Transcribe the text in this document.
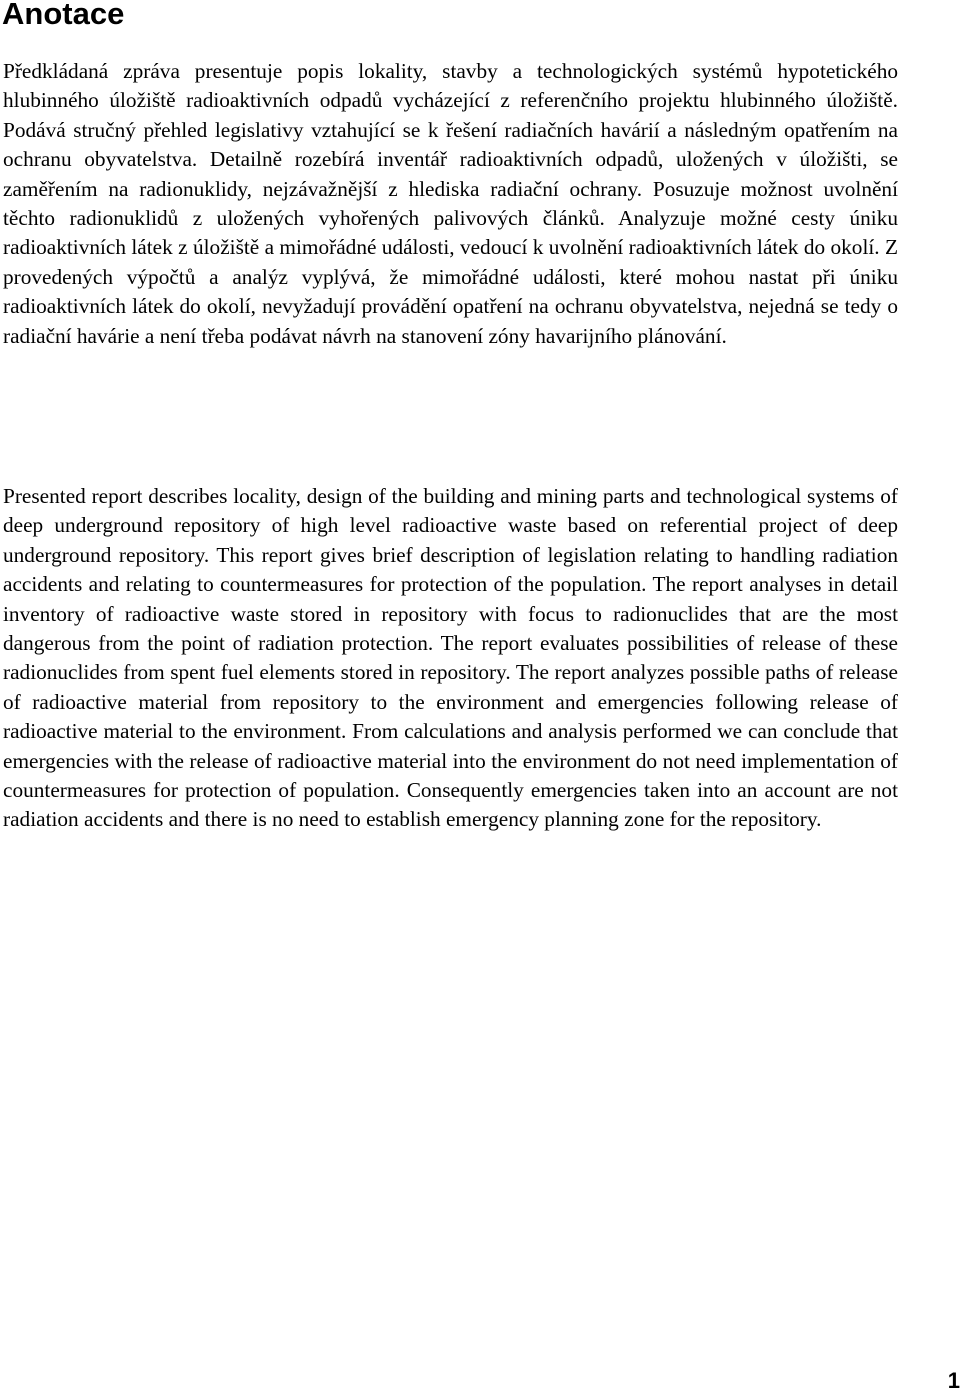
Anotace

Předkládaná zpráva presentuje popis lokality, stavby a technologických systémů hypotetického hlubinného úložiště radioaktivních odpadů vycházející z referenčního projektu hlubinného úložiště. Podává stručný přehled legislativy vztahující se k řešení radiačních havárií a následným opatřením na ochranu obyvatelstva. Detailně rozebírá inventář radioaktivních odpadů, uložených v úložišti, se zaměřením na radionuklidy, nejzávažnější z hlediska radiační ochrany. Posuzuje možnost uvolnění těchto radionuklidů z uložených vyhořených palivových článků. Analyzuje možné cesty úniku radioaktivních látek z úložiště a mimořádné události, vedoucí k uvolnění radioaktivních látek do okolí. Z provedených výpočtů a analýz vyplývá, že mimořádné události, které mohou nastat při úniku radioaktivních látek do okolí, nevyžadují provádění opatření na ochranu obyvatelstva, nejedná se tedy o radiační havárie a není třeba podávat návrh na stanovení zóny havarijního plánování.

Presented report describes locality, design of the building and mining parts and technological systems of deep underground repository of high level radioactive waste based on referential project of deep underground repository. This report gives brief description of legislation relating to handling radiation accidents and relating to countermeasures for protection of the population. The report analyses in detail inventory of radioactive waste stored in repository with focus to radionuclides that are the most dangerous from the point of radiation protection. The report evaluates possibilities of release of these radionuclides from spent fuel elements stored in repository. The report analyzes possible paths of release of radioactive material from repository to the environment and emergencies following release of radioactive material to the environment. From calculations and analysis performed we can conclude that emergencies with the release of radioactive material into the environment do not need implementation of countermeasures for protection of population. Consequently emergencies taken into an account are not radiation accidents and there is no need to establish emergency planning zone for the repository.

1
